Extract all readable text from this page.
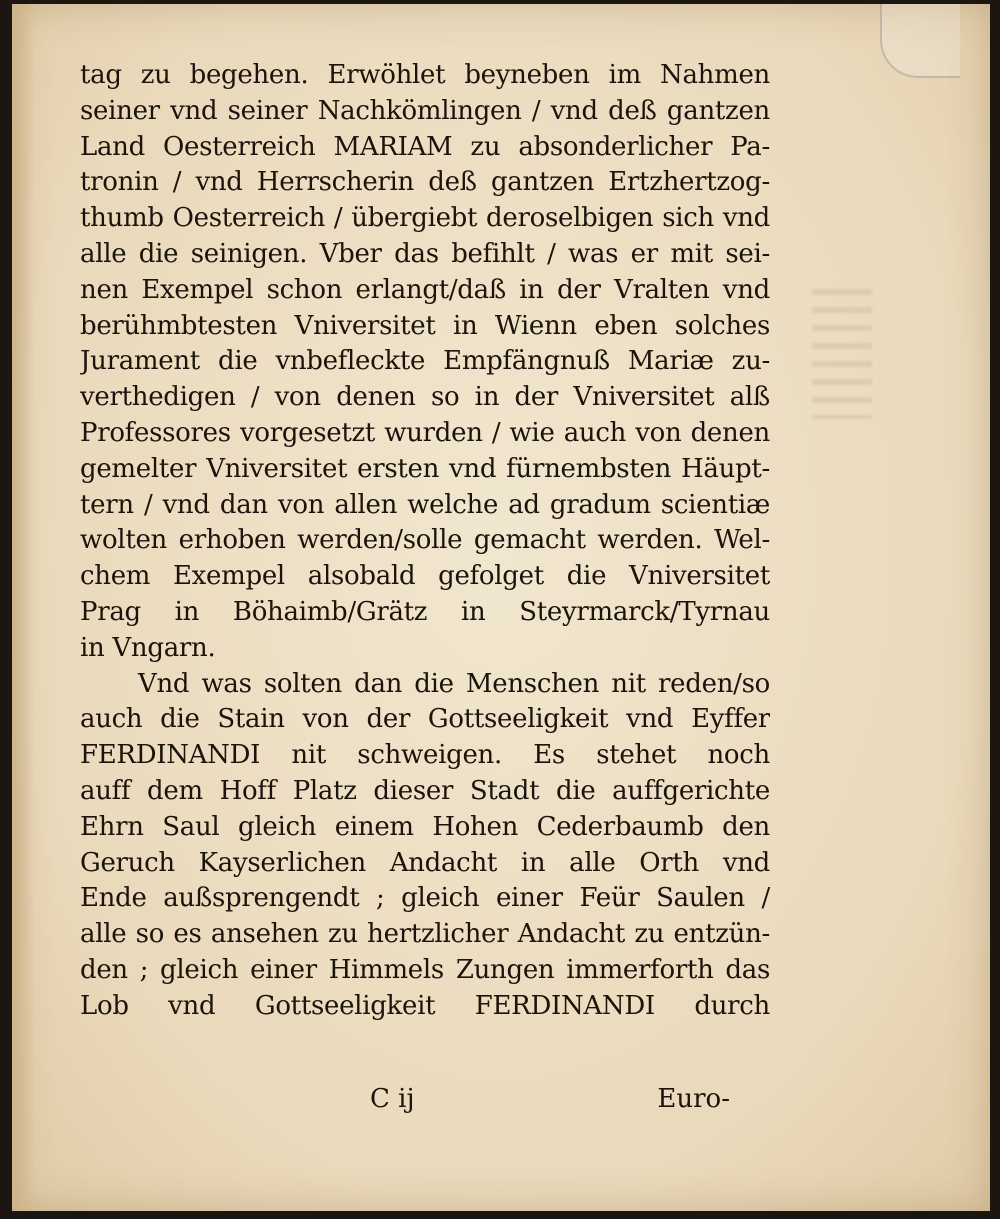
tag zu begehen. Erwöhlet beyneben im Nahmen
seiner vnd seiner Nachkömlingen / vnd deß gantzen
Land Oesterreich MARIAM zu absonderlicher Pa-
tronin / vnd Herrscherin deß gantzen Ertzhertzog-
thumb Oesterreich / übergiebt deroselbigen sich vnd
alle die seinigen. Vber das befihlt / was er mit sei-
nen Exempel schon erlangt/daß in der Vralten vnd
berühmbtesten Vniversitet in Wienn eben solches
Jurament die vnbefleckte Empfängnuß Mariæ zu-
verthedigen / von denen so in der Vniversitet alß
Professores vorgesetzt wurden / wie auch von denen
gemelter Vniversitet ersten vnd fürnembsten Häupt-
tern / vnd dan von allen welche ad gradum scientiæ
wolten erhoben werden/solle gemacht werden. Wel-
chem Exempel alsobald gefolget die Vniversitet
Prag in Böhaimb/Grätz in Steyrmarck/Tyrnau
in Vngarn.
Vnd was solten dan die Menschen nit reden/so
auch die Stain von der Gottseeligkeit vnd Eyffer
FERDINANDI nit schweigen. Es stehet noch
auff dem Hoff Platz dieser Stadt die auffgerichte
Ehrn Saul gleich einem Hohen Cederbaumb den
Geruch Kayserlichen Andacht in alle Orth vnd
Ende außsprengendt ; gleich einer Feür Saulen /
alle so es ansehen zu hertzlicher Andacht zu entzün-
den ; gleich einer Himmels Zungen immerforth das
Lob vnd Gottseeligkeit FERDINANDI durch
C ij	Euro-
